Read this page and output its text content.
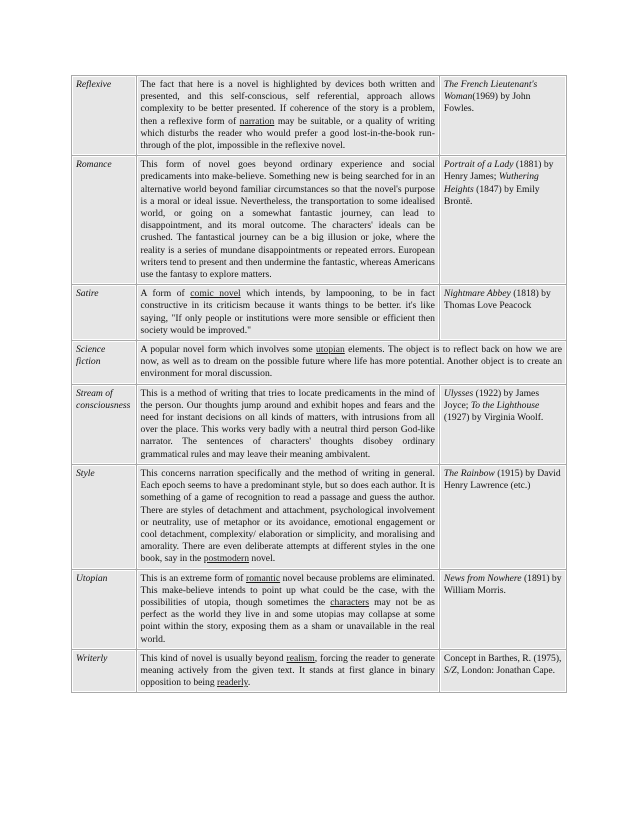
Reflexive	The fact that here is a novel is highlighted by devices both written and presented, and this self-conscious, self referential, approach allows complexity to be better presented. If coherence of the story is a problem, then a reflexive form of narration may be suitable, or a quality of writing which disturbs the reader who would prefer a good lost-in-the-book run-through of the plot, impossible in the reflexive novel.	The French Lieutenant's Woman(1969) by John Fowles.
Romance	This form of novel goes beyond ordinary experience and social predicaments into make-believe. Something new is being searched for in an alternative world beyond familiar circumstances so that the novel's purpose is a moral or ideal issue. Nevertheless, the transportation to some idealised world, or going on a somewhat fantastic journey, can lead to disappointment, and its moral outcome. The characters' ideals can be crushed. The fantastical journey can be a big illusion or joke, where the reality is a series of mundane disappointments or repeated errors. European writers tend to present and then undermine the fantastic, whereas Americans use the fantasy to explore matters.	Portrait of a Lady (1881) by Henry James; Wuthering Heights (1847) by Emily Brontë.
Satire	A form of comic novel which intends, by lampooning, to be in fact constructive in its criticism because it wants things to be better. it's like saying, "If only people or institutions were more sensible or efficient then society would be improved."	Nightmare Abbey (1818) by Thomas Love Peacock
Science fiction	A popular novel form which involves some utopian elements. The object is to reflect back on how we are now, as well as to dream on the possible future where life has more potential. Another object is to create an environment for moral discussion.	
Stream of consciousness	This is a method of writing that tries to locate predicaments in the mind of the person. Our thoughts jump around and exhibit hopes and fears and the need for instant decisions on all kinds of matters, with intrusions from all over the place. This works very badly with a neutral third person God-like narrator. The sentences of characters' thoughts disobey ordinary grammatical rules and may leave their meaning ambivalent.	Ulysses (1922) by James Joyce; To the Lighthouse (1927) by Virginia Woolf.
Style	This concerns narration specifically and the method of writing in general. Each epoch seems to have a predominant style, but so does each author. It is something of a game of recognition to read a passage and guess the author. There are styles of detachment and attachment, psychological involvement or neutrality, use of metaphor or its avoidance, emotional engagement or cool detachment, complexity/ elaboration or simplicity, and moralising and amorality. There are even deliberate attempts at different styles in the one book, say in the postmodern novel.	The Rainbow (1915) by David Henry Lawrence (etc.)
Utopian	This is an extreme form of romantic novel because problems are eliminated. This make-believe intends to point up what could be the case, with the possibilities of utopia, though sometimes the characters may not be as perfect as the world they live in and some utopias may collapse at some point within the story, exposing them as a sham or unavailable in the real world.	News from Nowhere (1891) by William Morris.
Writerly	This kind of novel is usually beyond realism, forcing the reader to generate meaning actively from the given text. It stands at first glance in binary opposition to being readerly.	Concept in Barthes, R. (1975), S/Z, London: Jonathan Cape.
